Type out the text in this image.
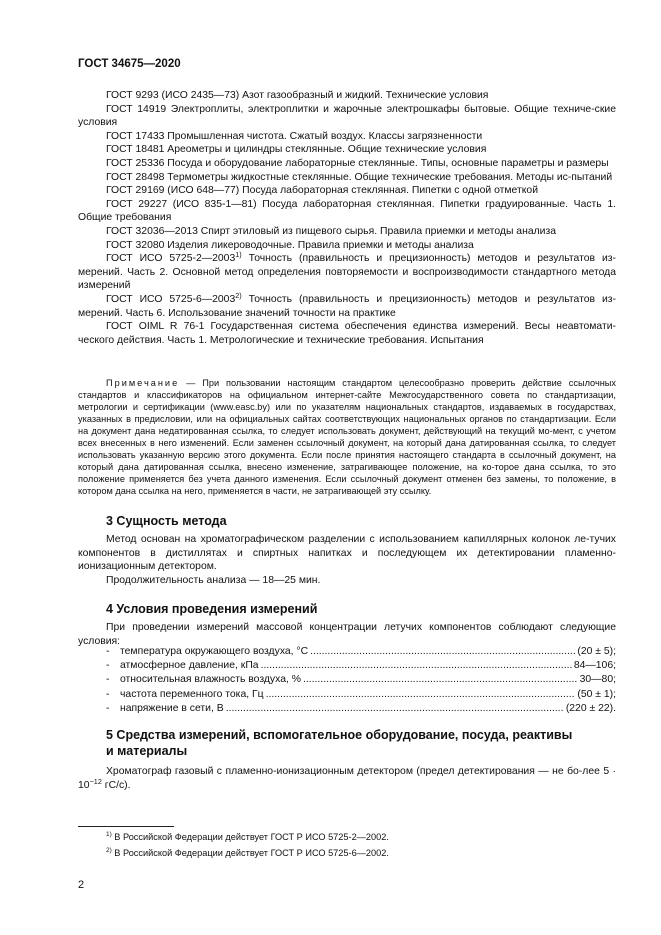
ГОСТ 34675—2020

ГОСТ 9293 (ИСО 2435—73) Азот газообразный и жидкий. Технические условия

ГОСТ 14919 Электроплиты, электроплитки и жарочные электрошкафы бытовые. Общие техниче-ские условия

ГОСТ 17433 Промышленная чистота. Сжатый воздух. Классы загрязненности

ГОСТ 18481 Ареометры и цилиндры стеклянные. Общие технические условия

ГОСТ 25336 Посуда и оборудование лабораторные стеклянные. Типы, основные параметры и размеры

ГОСТ 28498 Термометры жидкостные стеклянные. Общие технические требования. Методы ис-пытаний

ГОСТ 29169 (ИСО 648—77) Посуда лабораторная стеклянная. Пипетки с одной отметкой

ГОСТ 29227 (ИСО 835-1—81) Посуда лабораторная стеклянная. Пипетки градуированные. Часть 1. Общие требования

ГОСТ 32036—2013 Спирт этиловый из пищевого сырья. Правила приемки и методы анализа

ГОСТ 32080 Изделия ликероводочные. Правила приемки и методы анализа

ГОСТ ИСО 5725-2—2003$^{1)}$ Точность (правильность и прецизионность) методов и результатов из-мерений. Часть 2. Основной метод определения повторяемости и воспроизводимости стандартного метода измерений

ГОСТ ИСО 5725-6—2003$^{2)}$ Точность (правильность и прецизионность) методов и результатов из-мерений. Часть 6. Использование значений точности на практике

ГОСТ OIML R 76-1 Государственная система обеспечения единства измерений. Весы неавтомати-ческого действия. Часть 1. Метрологические и технические требования. Испытания

Примечание — При пользовании настоящим стандартом целесообразно проверить действие ссылочных стандартов и классификаторов на официальном интернет-сайте Межгосударственного совета по стандартизации, метрологии и сертификации (www.easc.by) или по указателям национальных стандартов, издаваемых в государствах, указанных в предисловии, или на официальных сайтах соответствующих национальных органов по стандартизации. Если на документ дана недатированная ссылка, то следует использовать документ, действующий на текущий мо-мент, с учетом всех внесенных в него изменений. Если заменен ссылочный документ, на который дана датированная ссылка, то следует использовать указанную версию этого документа. Если после принятия настоящего стандарта в ссылочный документ, на который дана датированная ссылка, внесено изменение, затрагивающее положение, на ко-торое дана ссылка, то это положение применяется без учета данного изменения. Если ссылочный документ отменен без замены, то положение, в котором дана ссылка на него, применяется в части, не затрагивающей эту ссылку.

3 Сущность метода

Метод основан на хроматографическом разделении с использованием капиллярных колонок ле-тучих компонентов в дистиллятах и спиртных напитках и последующем их детектировании пламенно-ионизационным детектором.

Продолжительность анализа — 18—25 мин.

4 Условия проведения измерений

При проведении измерений массовой концентрации летучих компонентов соблюдают следующие условия:

-	температура окружающего воздуха, °С .....	(20 ± 5);
-	атмосферное давление, кПа .....	84—106;
-	относительная влажность воздуха, % .....	30—80;
-	частота переменного тока, Гц .....	(50 ± 1);
-	напряжение в сети, В .....	(220 ± 22).
5 Средства измерений, вспомогательное оборудование, посуда, реактивы
и материалы

Хроматограф газовый с пламенно-ионизационным детектором (предел детектирования — не бо-лее $5 \cdot 10^{-12}$ гС/с).

$^{1)}$ В Российской Федерации действует ГОСТ Р ИСО 5725-2—2002.

$^{2)}$ В Российской Федерации действует ГОСТ Р ИСО 5725-6—2002.

2
